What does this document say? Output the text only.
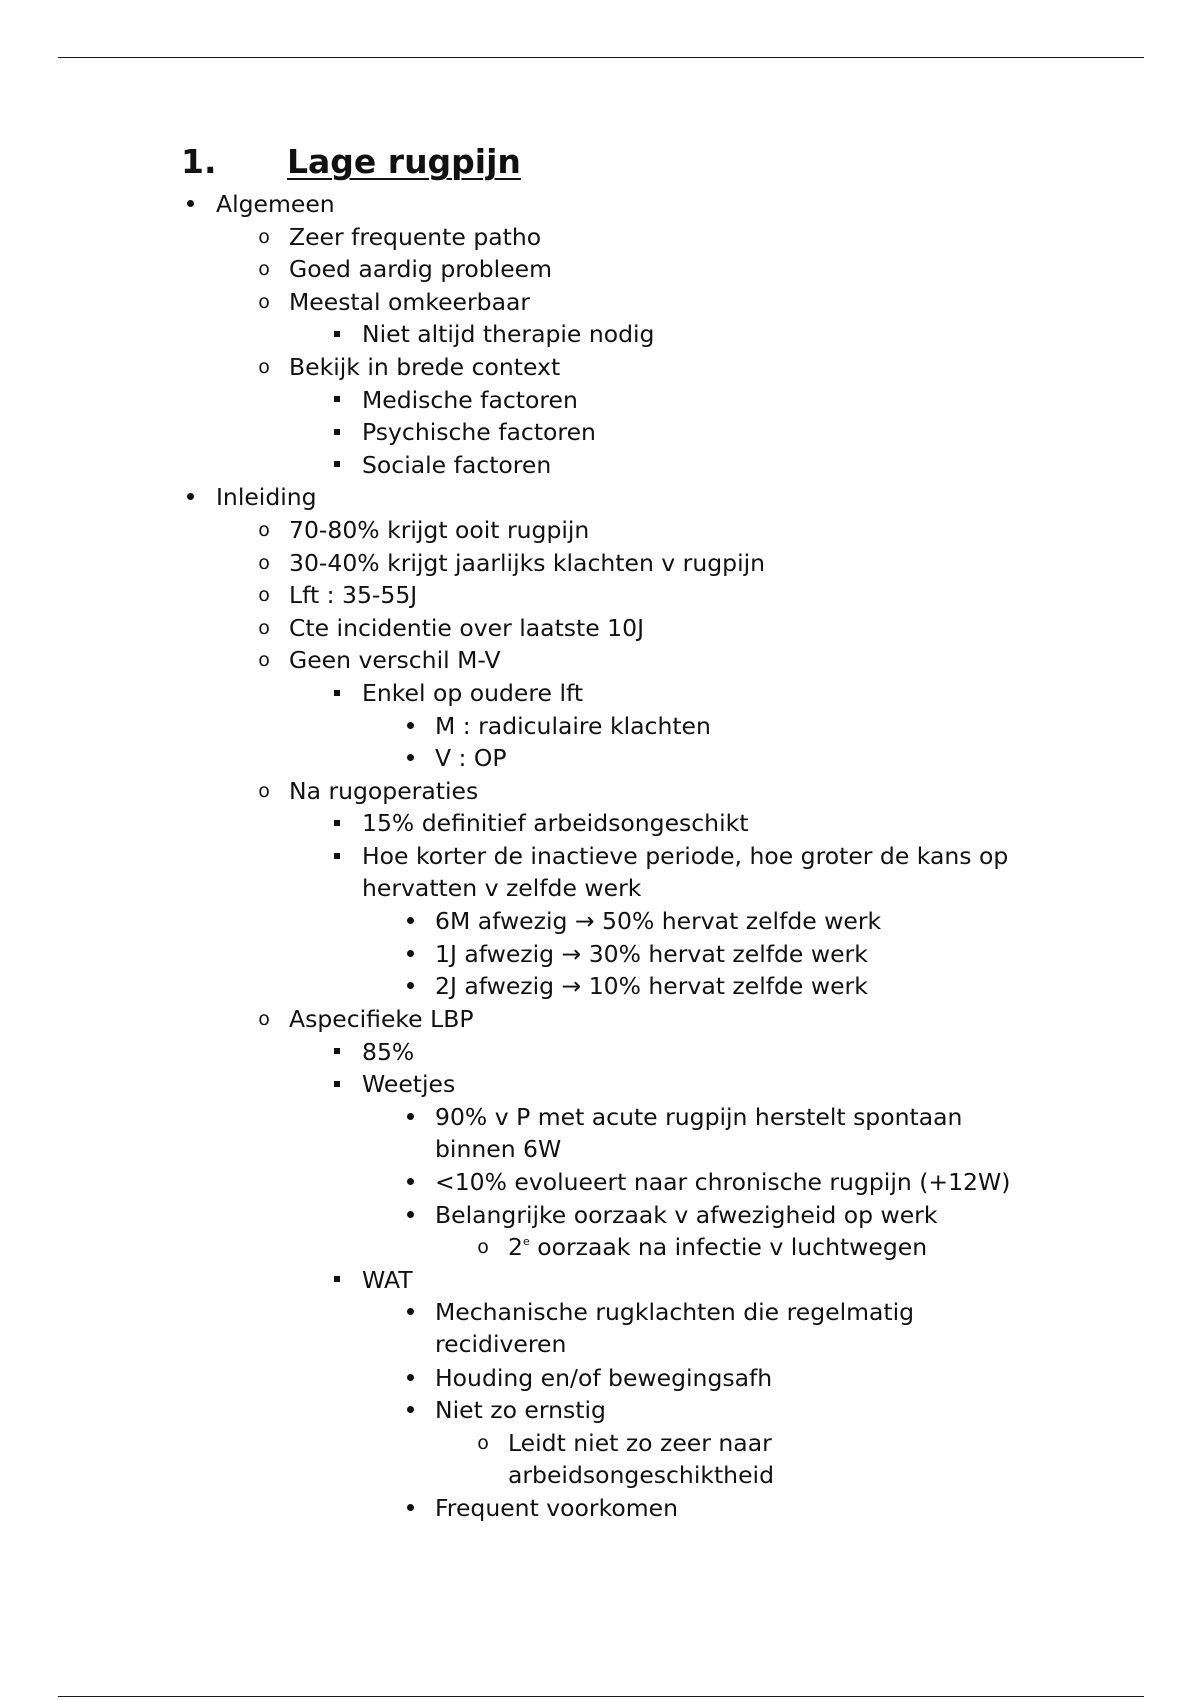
1. Lage rugpijn
Algemeen
o Zeer frequente patho
o Goed aardig probleem
o Meestal omkeerbaar
Niet altijd therapie nodig
o Bekijk in brede context
Medische factoren
Psychische factoren
Sociale factoren
Inleiding
o 70-80% krijgt ooit rugpijn
o 30-40% krijgt jaarlijks klachten v rugpijn
o Lft : 35-55J
o Cte incidentie over laatste 10J
o Geen verschil M-V
Enkel op oudere lft
M : radiculaire klachten
V : OP
o Na rugoperaties
15% definitief arbeidsongeschikt
Hoe korter de inactieve periode, hoe groter de kans op
hervatten v zelfde werk
6M afwezig → 50% hervat zelfde werk
1J afwezig → 30% hervat zelfde werk
2J afwezig → 10% hervat zelfde werk
o Aspecifieke LBP
85%
Weetjes
90% v P met acute rugpijn herstelt spontaan
binnen 6W
<10% evolueert naar chronische rugpijn (+12W)
Belangrijke oorzaak v afwezigheid op werk
o 2e oorzaak na infectie v luchtwegen
WAT
Mechanische rugklachten die regelmatig
recidiveren
Houding en/of bewegingsafh
Niet zo ernstig
o Leidt niet zo zeer naar
arbeidsongeschiktheid
Frequent voorkomen
